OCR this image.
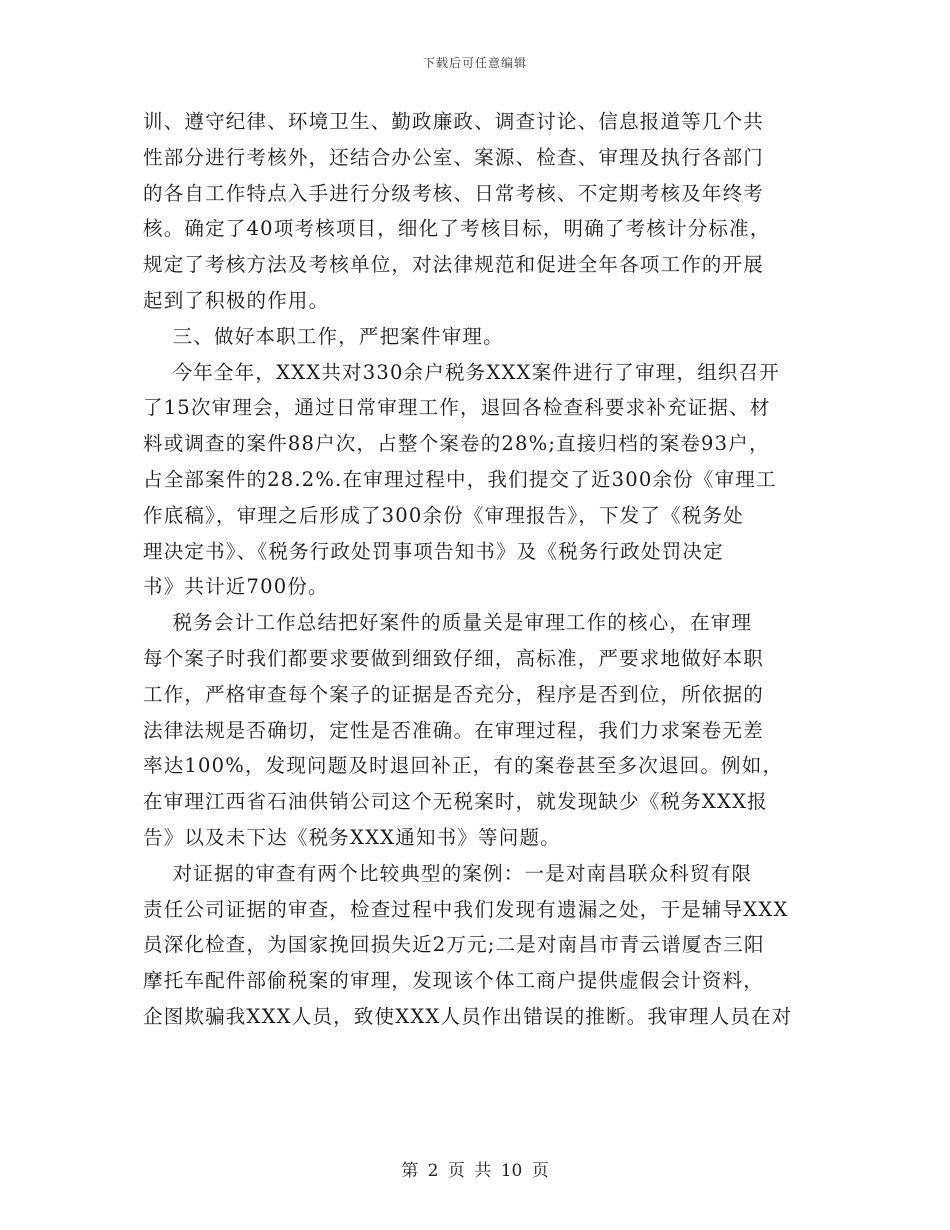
下载后可任意编辑
训、遵守纪律、环境卫生、勤政廉政、调查讨论、信息报道等几个共
性部分进行考核外，还结合办公室、案源、检查、审理及执行各部门
的各自工作特点入手进行分级考核、日常考核、不定期考核及年终考
核。确定了40项考核项目，细化了考核目标，明确了考核计分标准，
规定了考核方法及考核单位，对法律规范和促进全年各项工作的开展
起到了积极的作用。
三、做好本职工作，严把案件审理。
今年全年，XXX共对330余户税务XXX案件进行了审理，组织召开
了15次审理会，通过日常审理工作，退回各检查科要求补充证据、材
料或调查的案件88户次，占整个案卷的28%;直接归档的案卷93户，
占全部案件的28.2%.在审理过程中，我们提交了近300余份《审理工
作底稿》，审理之后形成了300余份《审理报告》，下发了《税务处
理决定书》、《税务行政处罚事项告知书》及《税务行政处罚决定
书》共计近700份。
税务会计工作总结把好案件的质量关是审理工作的核心，在审理
每个案子时我们都要求要做到细致仔细，高标准，严要求地做好本职
工作，严格审查每个案子的证据是否充分，程序是否到位，所依据的
法律法规是否确切，定性是否准确。在审理过程，我们力求案卷无差
率达100%，发现问题及时退回补正，有的案卷甚至多次退回。例如，
在审理江西省石油供销公司这个无税案时，就发现缺少《税务XXX报
告》以及未下达《税务XXX通知书》等问题。
对证据的审查有两个比较典型的案例：一是对南昌联众科贸有限
责任公司证据的审查，检查过程中我们发现有遗漏之处，于是辅导XXX
员深化检查，为国家挽回损失近2万元;二是对南昌市青云谱厦杏三阳
摩托车配件部偷税案的审理，发现该个体工商户提供虚假会计资料，
企图欺骗我XXX人员，致使XXX人员作出错误的推断。我审理人员在对
第 2 页 共 10 页
